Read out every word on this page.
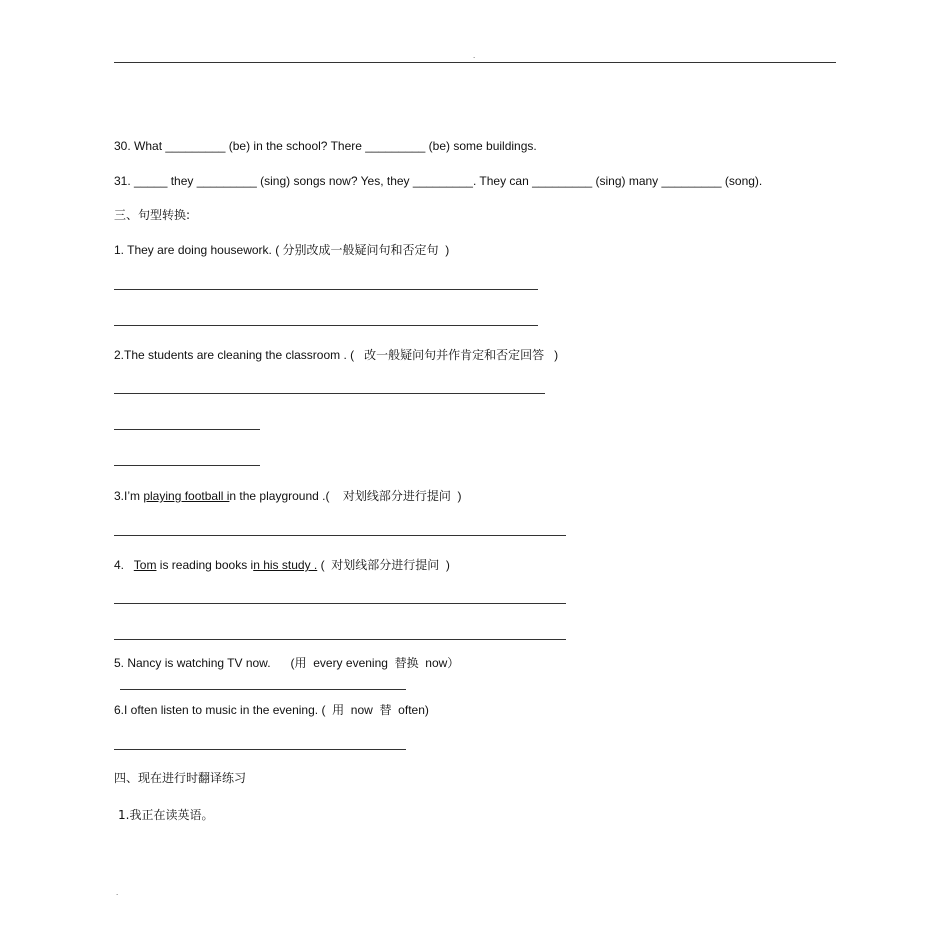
.
30. What _________ (be) in the school? There _________ (be) some buildings.
31. _____ they _________ (sing) songs now? Yes, they _________. They can _________ (sing) many _________ (song).
三、句型转换:
1. They are doing housework. ( 分别改成一般疑问句和否定句  )
2.The students are cleaning the classroom . (   改一般疑问句并作肯定和否定回答   )
3.I’m playing football in the playground .(    对划线部分进行提问  )
4.   Tom is reading books in his study . (  对划线部分进行提问  )
5. Nancy is watching TV now.      (用  every evening  替换  now）
6.I often listen to music in the evening. (  用  now  替  often)
四、现在进行时翻译练习
1.我正在读英语。
.
